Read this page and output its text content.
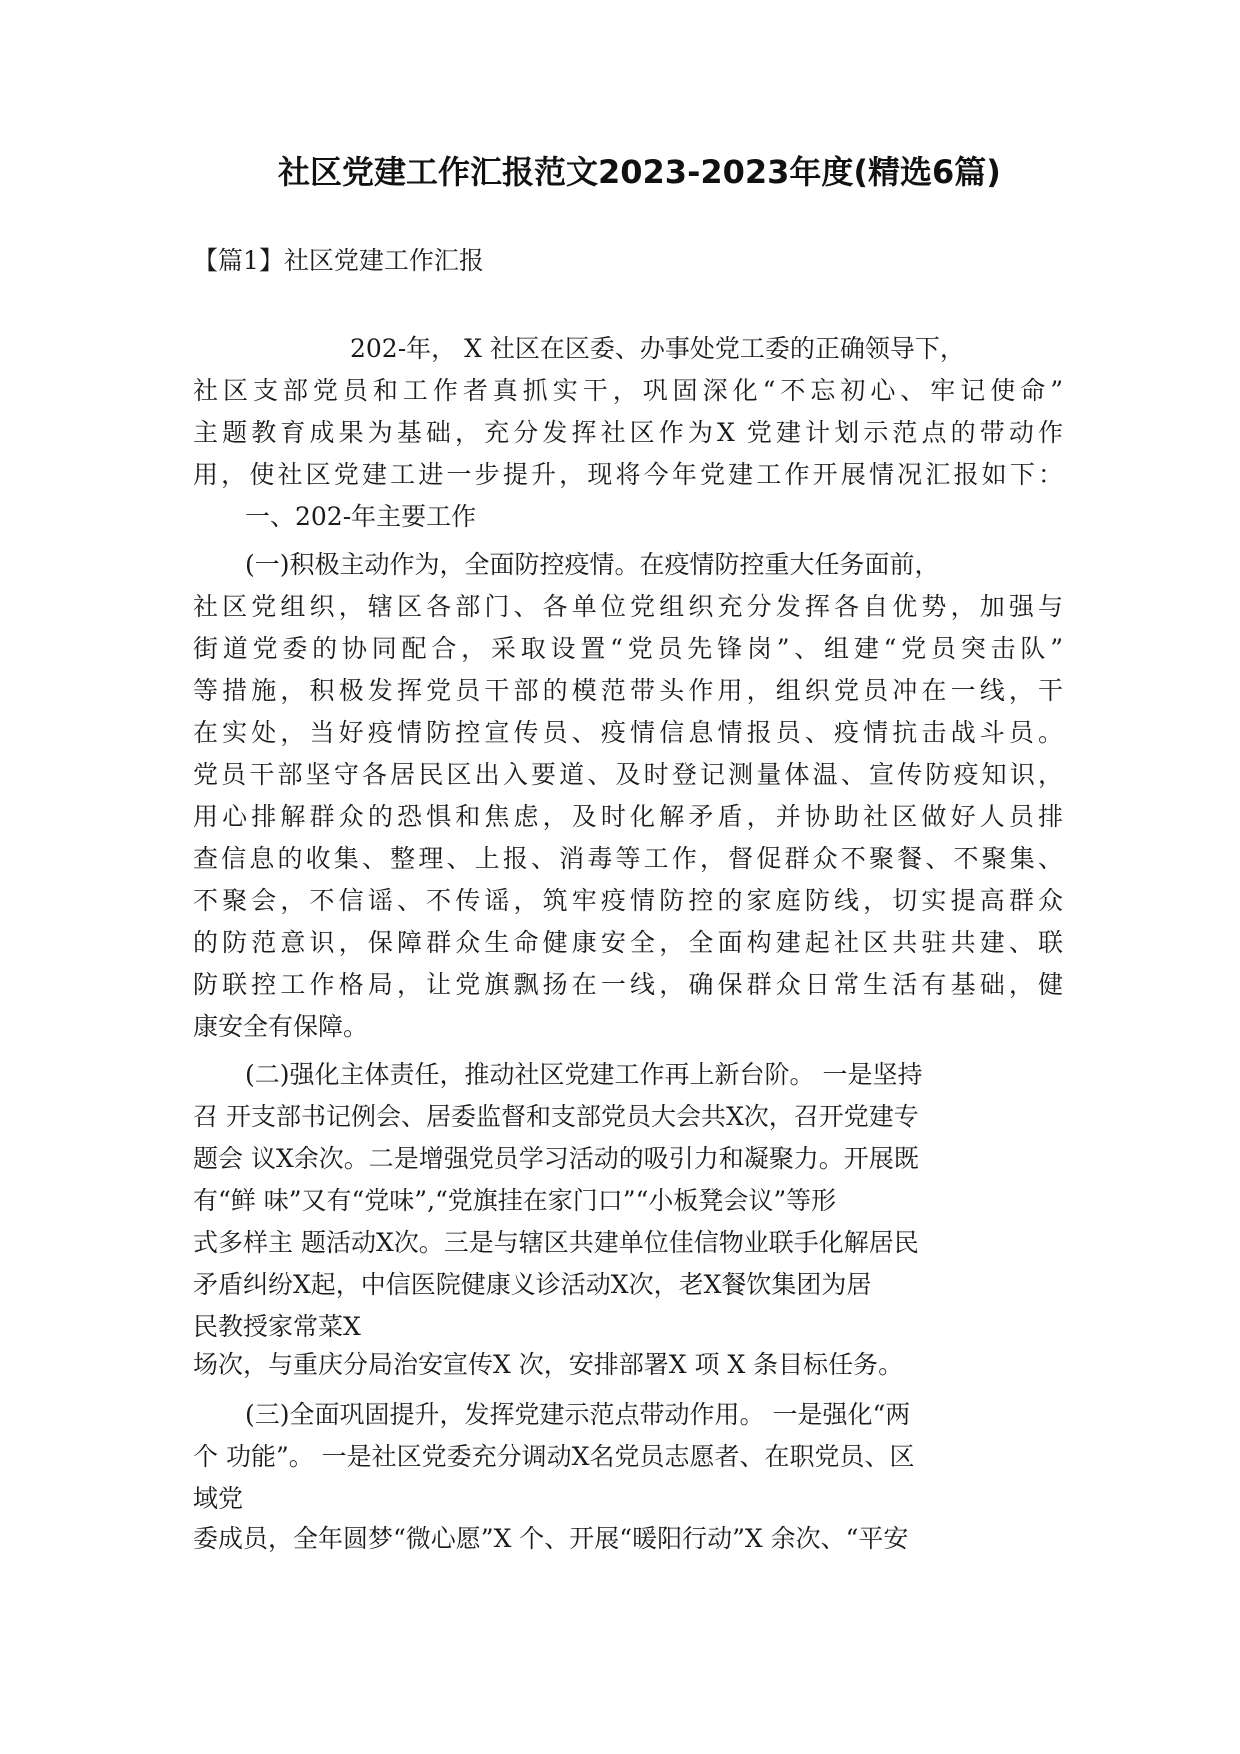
社区党建工作汇报范文2023-2023年度(精选6篇)
【篇1】社区党建工作汇报
202-年， X 社区在区委、办事处党工委的正确领导下，
社区支部党员和工作者真抓实干，巩固深化“不忘初心、牢记使命”
主题教育成果为基础，充分发挥社区作为X 党建计划示范点的带动作
用，使社区党建工进一步提升，现将今年党建工作开展情况汇报如下：
一、202-年主要工作
(一)积极主动作为，全面防控疫情。在疫情防控重大任务面前，
社区党组织，辖区各部门、各单位党组织充分发挥各自优势，加强与
街道党委的协同配合，采取设置“党员先锋岗”、组建“党员突击队”
等措施，积极发挥党员干部的模范带头作用，组织党员冲在一线，干
在实处，当好疫情防控宣传员、疫情信息情报员、疫情抗击战斗员。
党员干部坚守各居民区出入要道、及时登记测量体温、宣传防疫知识，
用心排解群众的恐惧和焦虑，及时化解矛盾，并协助社区做好人员排
查信息的收集、整理、上报、消毒等工作，督促群众不聚餐、不聚集、
不聚会，不信谣、不传谣，筑牢疫情防控的家庭防线，切实提高群众
的防范意识，保障群众生命健康安全，全面构建起社区共驻共建、联
防联控工作格局，让党旗飘扬在一线，确保群众日常生活有基础，健
康安全有保障。
(二)强化主体责任，推动社区党建工作再上新台阶。 一是坚持
召 开支部书记例会、居委监督和支部党员大会共X次，召开党建专
题会 议X余次。二是增强党员学习活动的吸引力和凝聚力。开展既
有“鲜 味”又有“党味”,“党旗挂在家门口”“小板凳会议”等形
式多样主 题活动X次。三是与辖区共建单位佳信物业联手化解居民
矛盾纠纷X起，中信医院健康义诊活动X次，老X餐饮集团为居
民教授家常菜X
场次，与重庆分局治安宣传X 次，安排部署X 项 X 条目标任务。
(三)全面巩固提升，发挥党建示范点带动作用。 一是强化“两
个 功能”。 一是社区党委充分调动X名党员志愿者、在职党员、区
域党
委成员，全年圆梦“微心愿”X 个、开展“暖阳行动”X 余次、“平安
